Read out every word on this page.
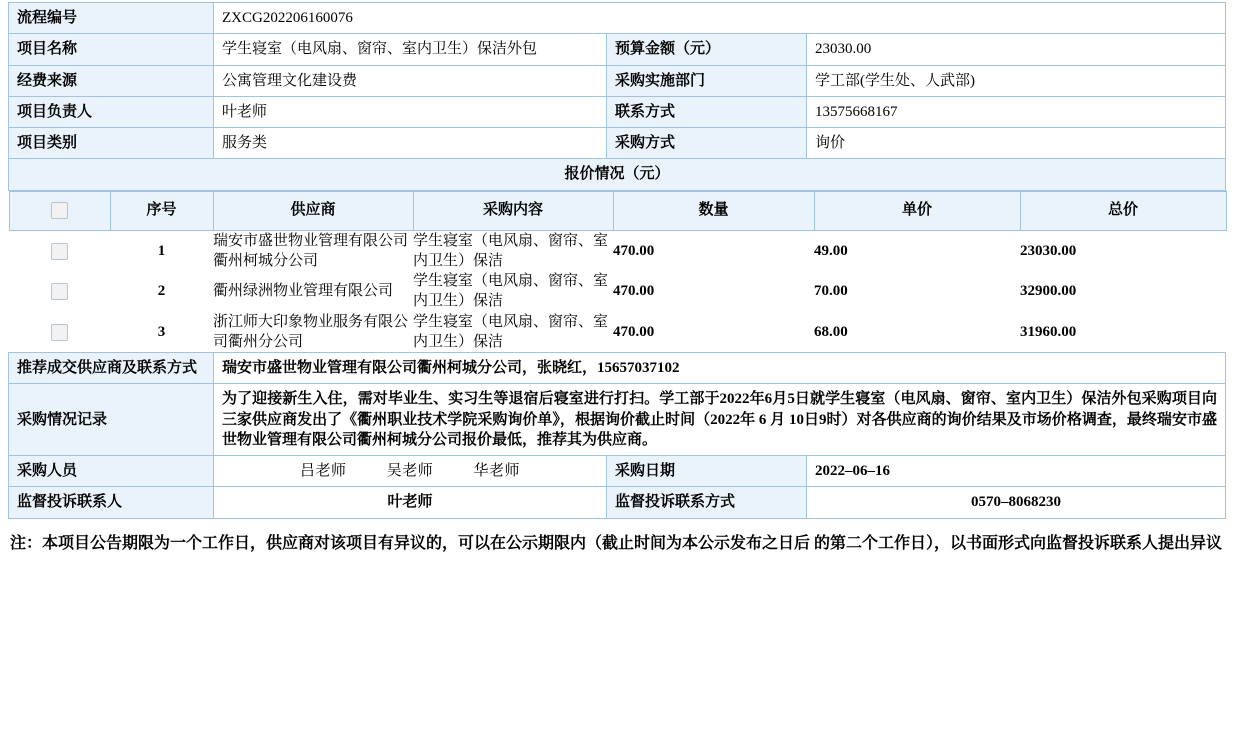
流程编号	ZXCG202206160076
项目名称	学生寝室（电风扇、窗帘、室内卫生）保洁外包	预算金额（元）	23030.00
经费来源	公寓管理文化建设费	采购实施部门	学工部(学生处、人武部)
项目负责人	叶老师	联系方式	13575668167
项目类别	服务类	采购方式	询价
报价情况（元）

	序号	供应商	采购内容	数量	单价	总价
	1	瑞安市盛世物业管理有限公司衢州柯城分公司	学生寝室（电风扇、窗帘、室内卫生）保洁	470.00	49.00	23030.00
	2	衢州绿洲物业管理有限公司	学生寝室（电风扇、窗帘、室内卫生）保洁	470.00	70.00	32900.00
	3	浙江师大印象物业服务有限公司衢州分公司	学生寝室（电风扇、窗帘、室内卫生）保洁	470.00	68.00	31960.00

推荐成交供应商及联系方式	瑞安市盛世物业管理有限公司衢州柯城分公司，张晓红，15657037102
采购情况记录	为了迎接新生入住，需对毕业生、实习生等退宿后寝室进行打扫。学工部于2022年6月5日就学生寝室（电风扇、窗帘、室内卫生）保洁外包采购项目向三家供应商发出了《衢州职业技术学院采购询价单》，根据询价截止时间（2022年 6 月 10日9时）对各供应商的询价结果及市场价格调查，最终瑞安市盛世物业管理有限公司衢州柯城分公司报价最低，推荐其为供应商。
采购人员	吕老师	吴老师	华老师	采购日期	2022–06–16
监督投诉联系人	叶老师	监督投诉联系方式	0570–8068230
注：本项目公告期限为一个工作日，供应商对该项目有异议的，可以在公示期限内（截止时间为本公示发布之日后 的第二个工作日），以书面形式向监督投诉联系人提出异议
